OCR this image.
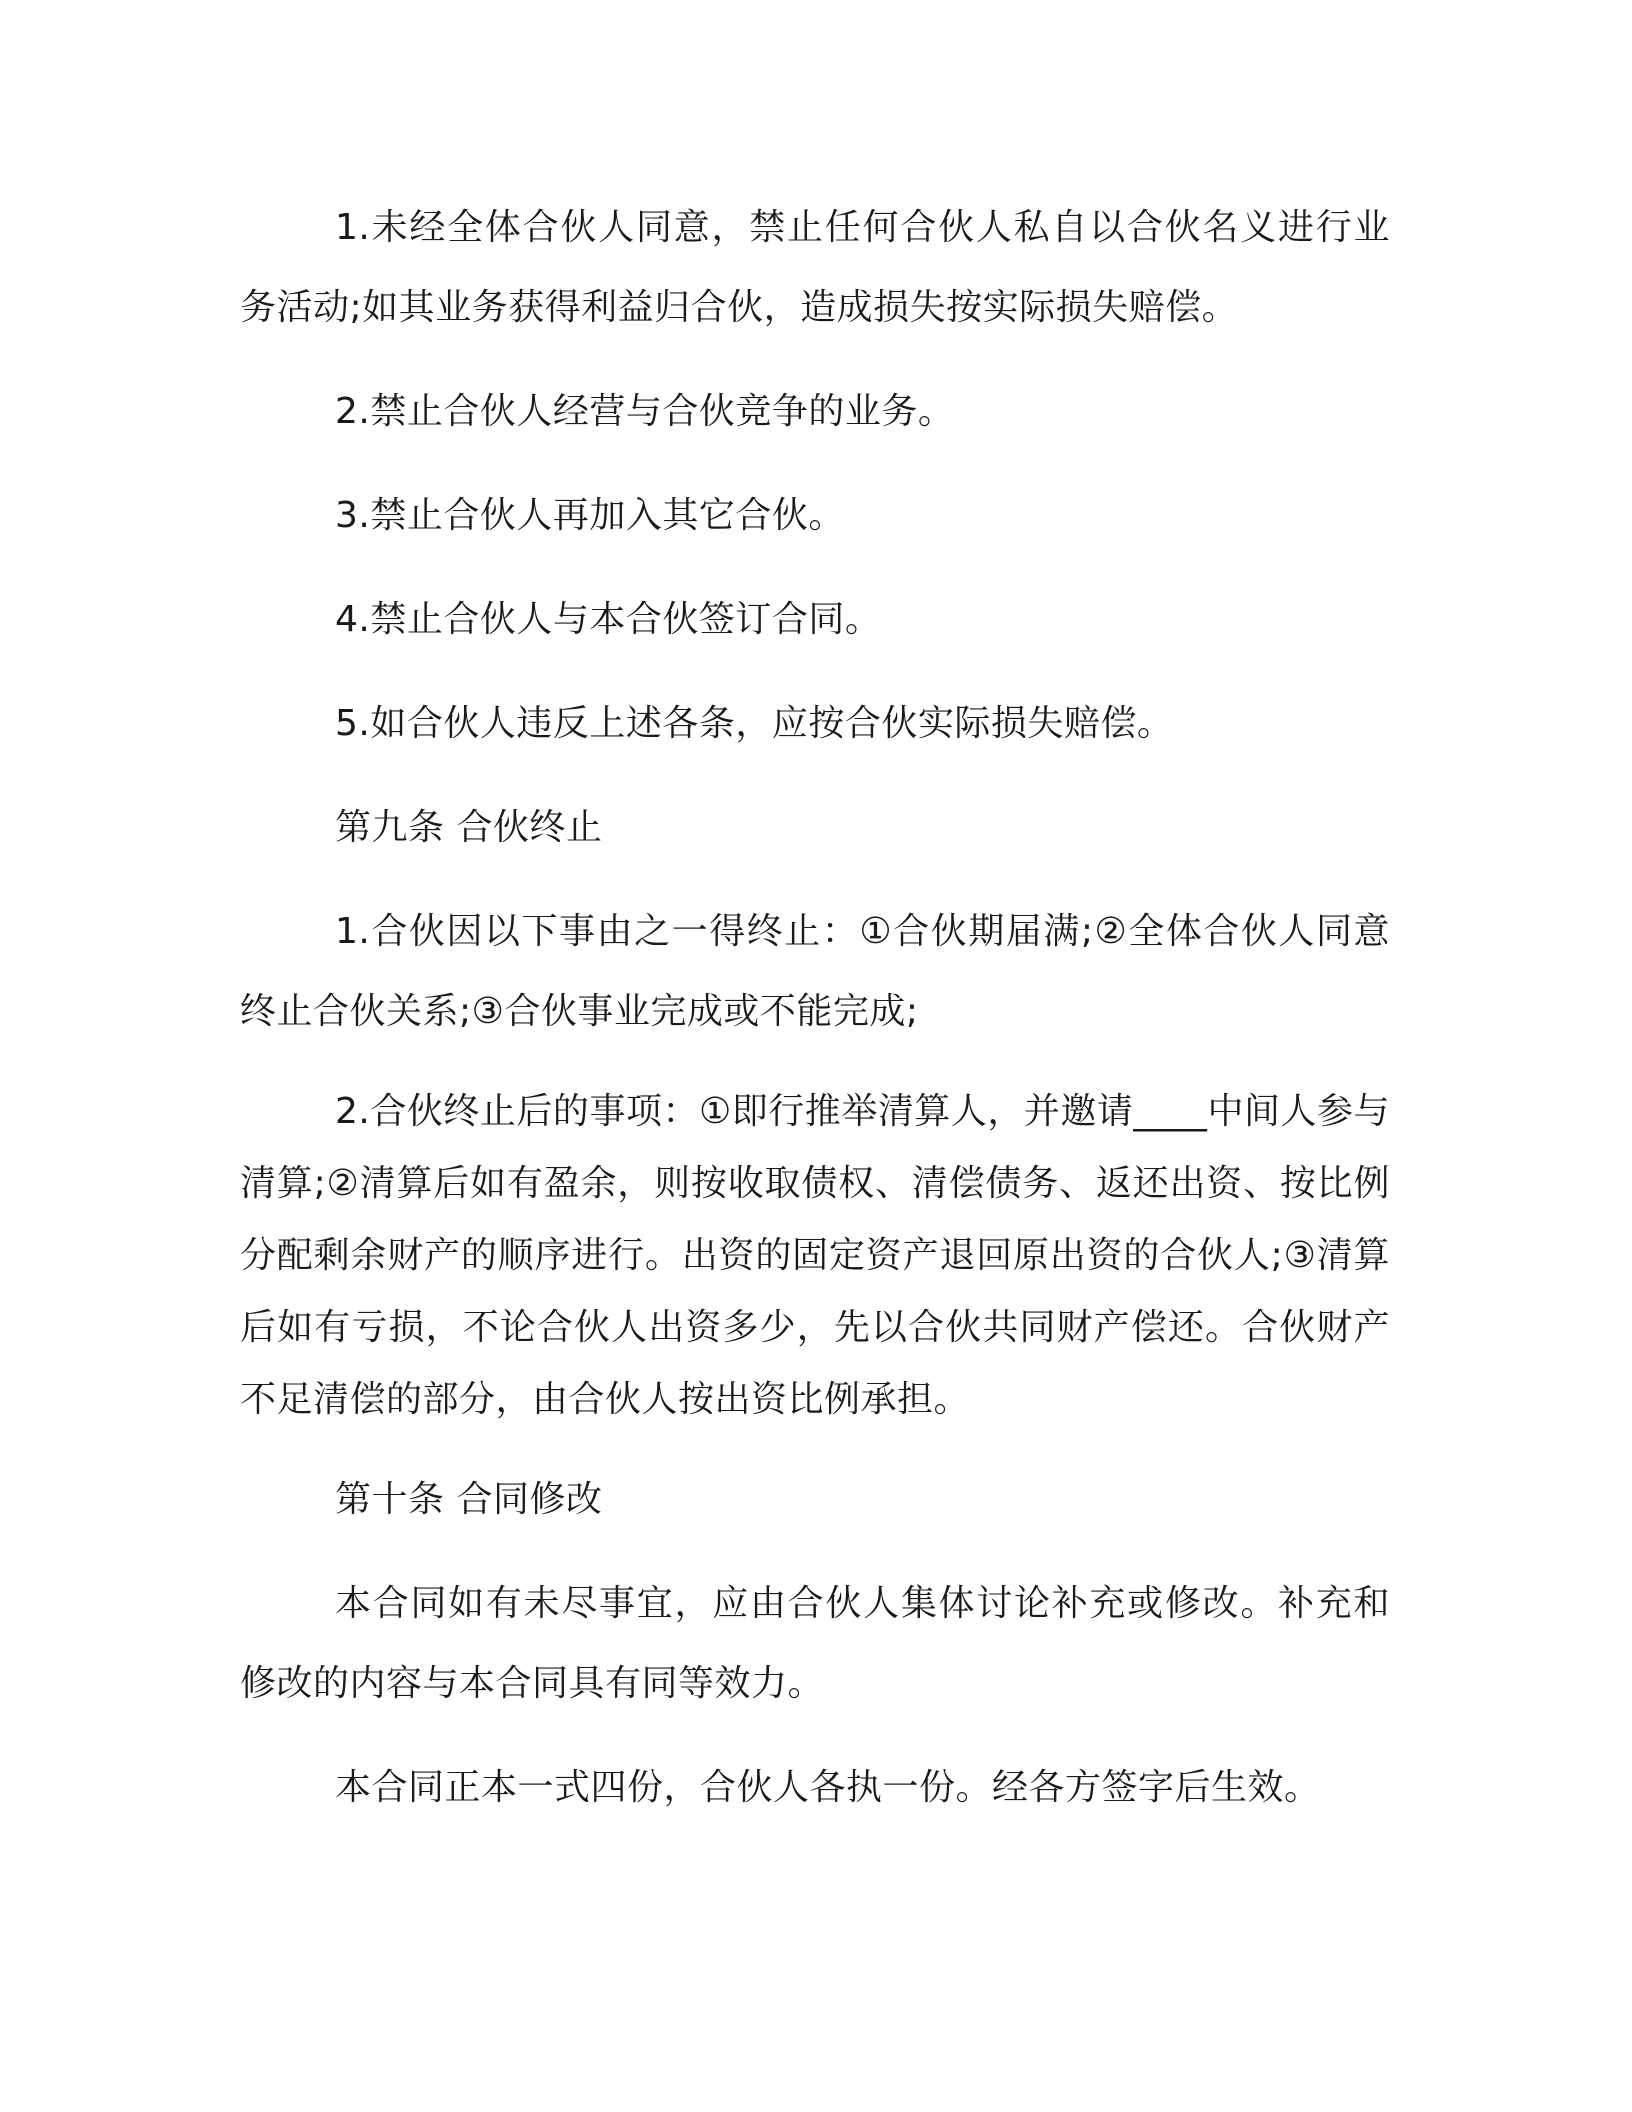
1.未经全体合伙人同意，禁止任何合伙人私自以合伙名义进行业务活动;如其业务获得利益归合伙，造成损失按实际损失赔偿。

2.禁止合伙人经营与合伙竞争的业务。

3.禁止合伙人再加入其它合伙。

4.禁止合伙人与本合伙签订合同。

5.如合伙人违反上述各条，应按合伙实际损失赔偿。

第九条 合伙终止

1.合伙因以下事由之一得终止：①合伙期届满;②全体合伙人同意终止合伙关系;③合伙事业完成或不能完成;

2.合伙终止后的事项：①即行推举清算人，并邀请____中间人参与清算;②清算后如有盈余，则按收取债权、清偿债务、返还出资、按比例分配剩余财产的顺序进行。出资的固定资产退回原出资的合伙人;③清算后如有亏损，不论合伙人出资多少，先以合伙共同财产偿还。合伙财产不足清偿的部分，由合伙人按出资比例承担。

第十条 合同修改

本合同如有未尽事宜，应由合伙人集体讨论补充或修改。补充和修改的内容与本合同具有同等效力。

本合同正本一式四份，合伙人各执一份。经各方签字后生效。
